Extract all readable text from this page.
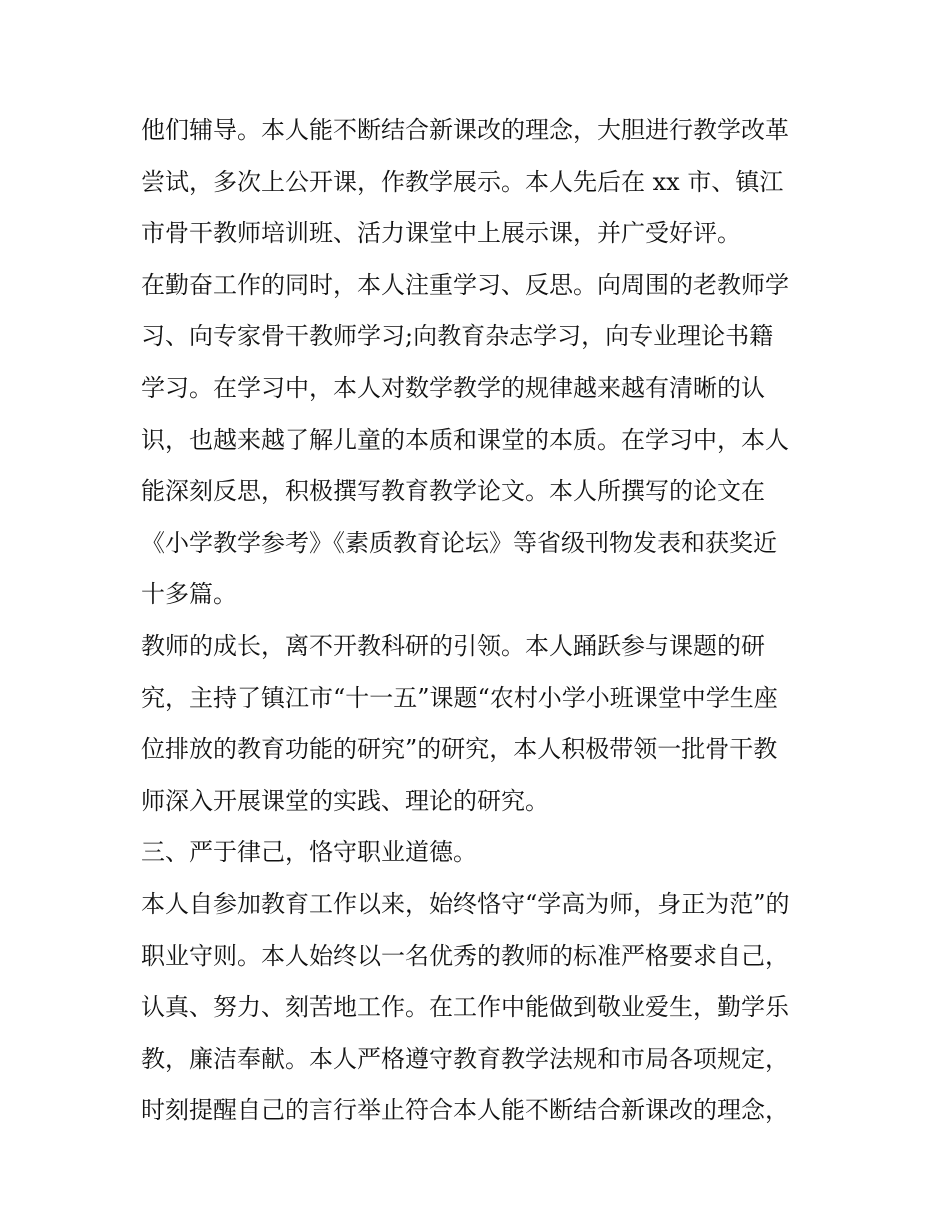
他们辅导。本人能不断结合新课改的理念，大胆进行教学改革
尝试，多次上公开课，作教学展示。本人先后在 xx 市、镇江
市骨干教师培训班、活力课堂中上展示课，并广受好评。
在勤奋工作的同时，本人注重学习、反思。向周围的老教师学
习、向专家骨干教师学习;向教育杂志学习，向专业理论书籍
学习。在学习中，本人对数学教学的规律越来越有清晰的认
识，也越来越了解儿童的本质和课堂的本质。在学习中，本人
能深刻反思，积极撰写教育教学论文。本人所撰写的论文在
《小学教学参考》《素质教育论坛》等省级刊物发表和获奖近
十多篇。
教师的成长，离不开教科研的引领。本人踊跃参与课题的研
究，主持了镇江市“十一五”课题“农村小学小班课堂中学生座
位排放的教育功能的研究”的研究，本人积极带领一批骨干教
师深入开展课堂的实践、理论的研究。
三、严于律己，恪守职业道德。
本人自参加教育工作以来，始终恪守“学高为师，身正为范”的
职业守则。本人始终以一名优秀的教师的标准严格要求自己，
认真、努力、刻苦地工作。在工作中能做到敬业爱生，勤学乐
教，廉洁奉献。本人严格遵守教育教学法规和市局各项规定，
时刻提醒自己的言行举止符合本人能不断结合新课改的理念，
